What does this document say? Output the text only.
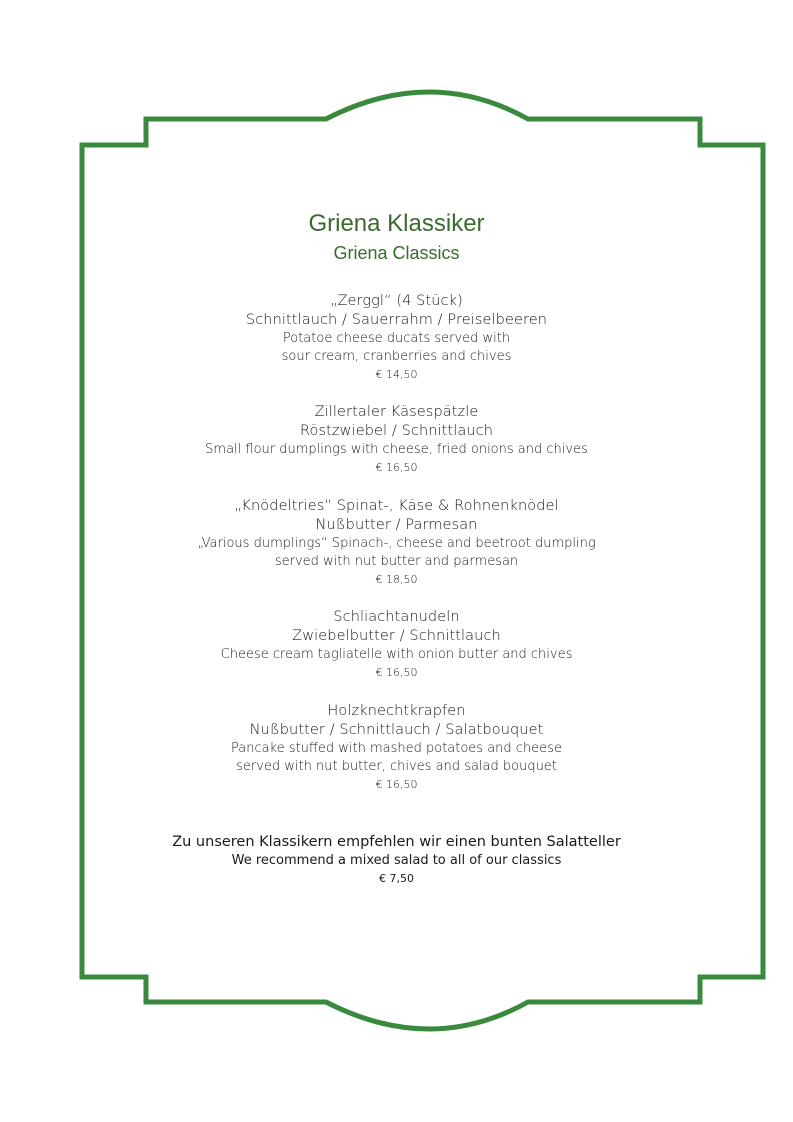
Griena Klassiker
Griena Classics
„Zerggl“ (4 Stück)
Schnittlauch / Sauerrahm / Preiselbeeren
Potatoe cheese ducats served with
sour cream, cranberries and chives
€ 14,50
Zillertaler Käsespätzle
Röstzwiebel / Schnittlauch
Small flour dumplings with cheese, fried onions and chives
€ 16,50
„Knödeltries“ Spinat-, Käse & Rohnenknödel
Nußbutter / Parmesan
„Various dumplings“ Spinach-, cheese and beetroot dumpling
served with nut butter and parmesan
€ 18,50
Schliachtanudeln
Zwiebelbutter / Schnittlauch
Cheese cream tagliatelle with onion butter and chives
€ 16,50
Holzknechtkrapfen
Nußbutter / Schnittlauch / Salatbouquet
Pancake stuffed with mashed potatoes and cheese
served with nut butter, chives and salad bouquet
€ 16,50
Zu unseren Klassikern empfehlen wir einen bunten Salatteller
We recommend a mixed salad to all of our classics
€ 7,50
